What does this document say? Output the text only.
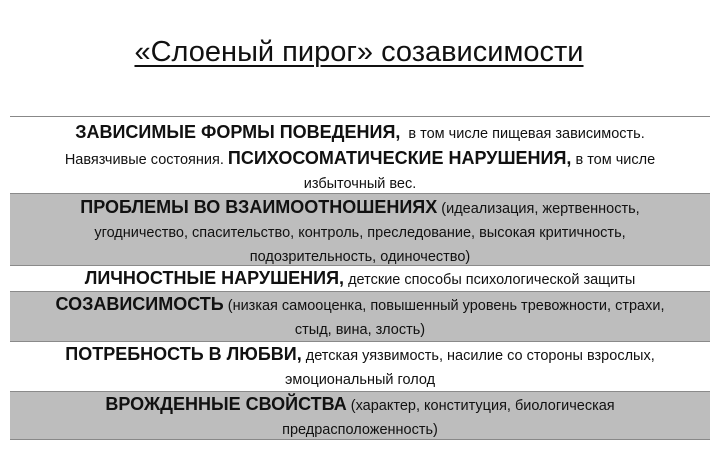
«Слоеный пирог» созависимости
ЗАВИСИМЫЕ ФОРМЫ ПОВЕДЕНИЯ, в том числе пищевая зависимость.
Навязчивые состояния. ПСИХОСОМАТИЧЕСКИЕ НАРУШЕНИЯ, в том числе
избыточный вес.
ПРОБЛЕМЫ ВО ВЗАИМООТНОШЕНИЯХ (идеализация, жертвенность,
угодничество, спасительство, контроль, преследование, высокая критичность,
подозрительность, одиночество)
ЛИЧНОСТНЫЕ НАРУШЕНИЯ, детские способы психологической защиты
СОЗАВИСИМОСТЬ (низкая самооценка, повышенный уровень тревожности, страхи,
стыд, вина, злость)
ПОТРЕБНОСТЬ В ЛЮБВИ, детская уязвимость, насилие со стороны взрослых,
эмоциональный голод
ВРОЖДЕННЫЕ СВОЙСТВА (характер, конституция, биологическая
предрасположенность)
